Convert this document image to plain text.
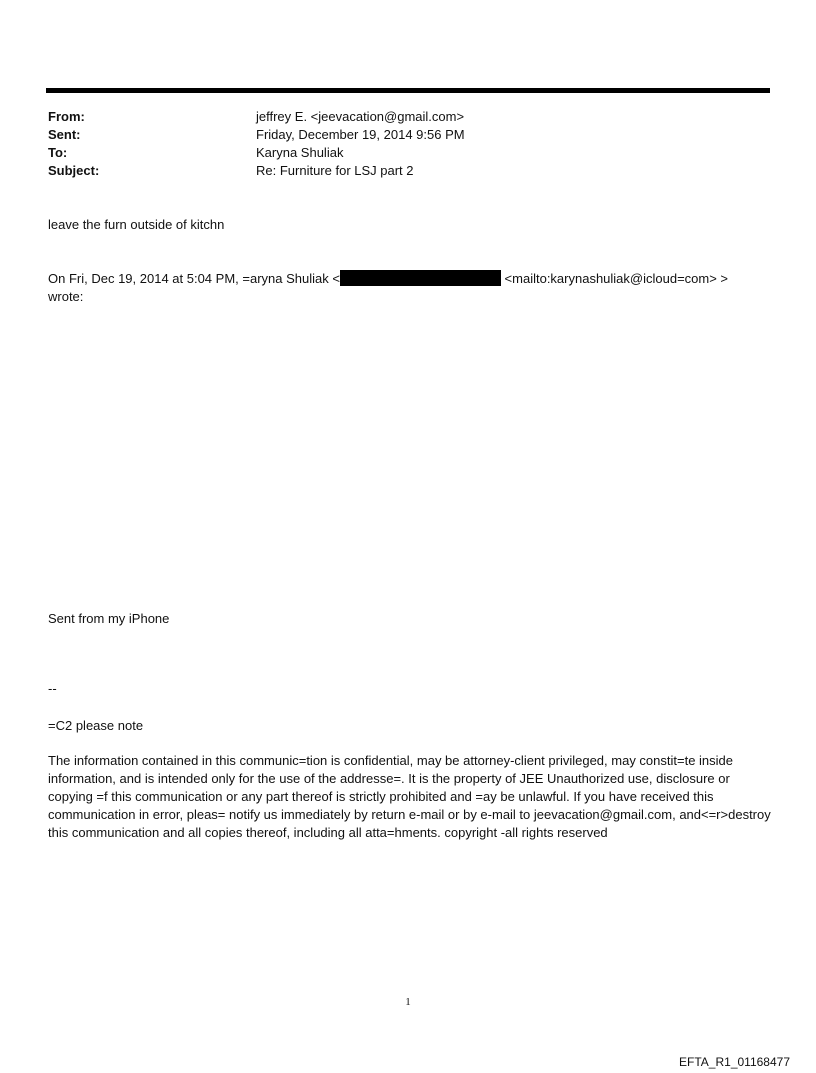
From:	jeffrey E. <jeevacation@gmail.com>
Sent:	Friday, December 19, 2014 9:56 PM
To:	Karyna Shuliak
Subject:	Re: Furniture for LSJ part 2
leave the furn outside of kitchn
On Fri, Dec 19, 2014 at 5:04 PM, =aryna Shuliak <	<mailto:karynashuliak@icloud=com> >
wrote:
Sent from my iPhone
--
=C2 please note
The information contained in this communic=tion is confidential, may be attorney-client privileged, may constit=te inside information, and is intended only for the use of the addresse=. It is the property of JEE Unauthorized use, disclosure or copying =f this communication or any part thereof is strictly prohibited and =ay be unlawful. If you have received this communication in error, pleas= notify us immediately by return e-mail or by e-mail to jeevacation@gmail.com, and<=r>destroy this communication and all copies thereof, including all atta=hments. copyright -all rights reserved
1
EFTA_R1_01168477
